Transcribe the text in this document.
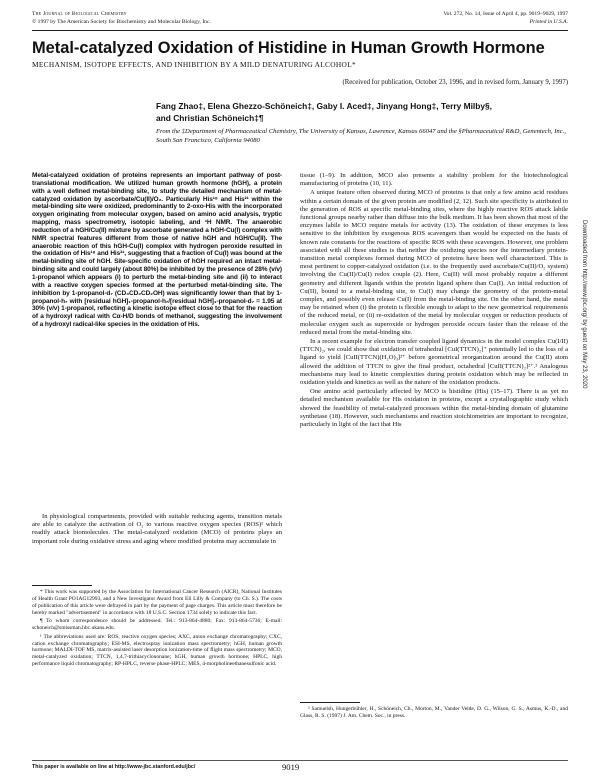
The Journal of Biological Chemistry
© 1997 by The American Society for Biochemistry and Molecular Biology, Inc.
Vol. 272, No. 14, Issue of April 4, pp. 9019–9029, 1997
Printed in U.S.A.
Metal-catalyzed Oxidation of Histidine in Human Growth Hormone
MECHANISM, ISOTOPE EFFECTS, AND INHIBITION BY A MILD DENATURING ALCOHOL*
(Received for publication, October 23, 1996, and in revised form, January 9, 1997)
Fang Zhao‡, Elena Ghezzo-Schöneich‡, Gaby I. Aced‡, Jinyang Hong‡, Terry Milby§,
and Christian Schöneich‡¶
From the ‡Department of Pharmaceutical Chemistry, The University of Kansas, Lawrence, Kansas 66047 and the §Pharmaceutical R&D, Genentech, Inc., South San Francisco, California 94080
Metal-catalyzed oxidation of proteins represents an important pathway of post-translational modification. We utilized human growth hormone (hGH), a protein with a well defined metal-binding site, to study the detailed mechanism of metal-catalyzed oxidation by ascorbate/Cu(II)/O₂. Particularly His¹⁸ and His²¹ within the metal-binding site were oxidized, predominantly to 2-oxo-His with the incorporated oxygen originating from molecular oxygen, based on amino acid analysis, tryptic mapping, mass spectrometry, isotopic labeling, and ¹H NMR. The anaerobic reduction of a hGH/Cu(II) mixture by ascorbate generated a hGH-Cu(I) complex with NMR spectral features different from those of native hGH and hGH/Cu(II). The anaerobic reaction of this hGH-Cu(I) complex with hydrogen peroxide resulted in the oxidation of His¹⁸ and His²¹, suggesting that a fraction of Cu(I) was bound at the metal-binding site of hGH. Site-specific oxidation of hGH required an intact metal-binding site and could largely (about 80%) be inhibited by the presence of 28% (v/v) 1-propanol which appears (i) to perturb the metal-binding site and (ii) to interact with a reactive oxygen species formed at the perturbed metal-binding site. The inhibition by 1-propanol-d₇ (CD₃CD₂CD₂OH) was significantly lower than that by 1-propanol-h₇ with [residual hGH]₁-propanol-h₇/[residual hGH]₁-propanol-d₇ = 1.95 at 30% (v/v) 1-propanol, reflecting a kinetic isotope effect close to that for the reaction of a hydroxyl radical with Cα-H/D bonds of methanol, suggesting the involvement of a hydroxyl radical-like species in the oxidation of His.

In physiological compartments, provided with suitable reducing agents, transition metals are able to catalyze the activation of O₂ to various reactive oxygen species (ROS)¹ which readily attack biomolecules. The metal-catalyzed oxidation (MCO) of proteins plays an important role during oxidative stress and aging where modified proteins may accumulate in

* This work was supported by the Association for International Cancer Research (AICR), National Institutes of Health Grant PO1AG12993, and a New Investigator Award from Eli Lilly & Company (to Ch. S.). The costs of publication of this article were defrayed in part by the payment of page charges. This article must therefore be hereby marked "advertisement" in accordance with 18 U.S.C. Section 1734 solely to indicate this fact.

¶ To whom correspondence should be addressed. Tel.: 913-864-4880; Fax: 913-864-5736; E-mail: schoneich@smissman.hbc.ukans.edu.

¹ The abbreviations used are: ROS, reactive oxygen species; AXC, anion exchange chromatography; CXC, cation exchange chromatography; ESI-MS, electrospray ionization mass spectrometry; hGH, human growth hormone; MALDI-TOF MS, matrix-assisted laser desorption ionization-time of flight mass spectrometry; MCO, metal-catalyzed oxidation; TTCN, 1,4,7-trithiacyclononane; hGH, human growth hormone; HPLC, high performance liquid chromatography; RP-HPLC, reverse phase-HPLC; MES, 4-morpholineethanesulfonic acid.

tissue (1–9). In addition, MCO also presents a stability problem for the biotechnological manufacturing of proteins (10, 11).

A unique feature often observed during MCO of proteins is that only a few amino acid residues within a certain domain of the given protein are modified (2, 12). Such site specificity is attributed to the generation of ROS at specific metal-binding sites, where the highly reactive ROS attack labile functional groups nearby rather than diffuse into the bulk medium. It has been shown that most of the enzymes labile to MCO require metals for activity (13). The oxidation of these enzymes is less sensitive to the inhibition by exogenous ROS scavengers than would be expected on the basis of known rate constants for the reactions of specific ROS with these scavengers. However, one problem associated with all these studies is that neither the oxidizing species nor the intermediary protein-transition metal complexes formed during MCO of proteins have been well characterized. This is most pertinent to copper-catalyzed oxidation (i.e. to the frequently used ascorbate/Cu(II)/O₂ system) involving the Cu(II)/Cu(I) redox couple (2). Here, Cu(II) will most probably require a different geometry and different ligands within the protein ligand sphere than Cu(I). An initial reduction of Cu(II), bound to a metal-binding site, to Cu(I) may change the geometry of the protein-metal complex, and possibly even release Cu(I) from the metal-binding site. On the other hand, the metal may be retained when (i) the protein is flexible enough to adapt to the new geometrical requirements of the reduced metal, or (ii) re-oxidation of the metal by molecular oxygen or reduction products of molecular oxygen such as superoxide or hydrogen peroxide occurs faster than the release of the reduced metal from the metal-binding site.

In a recent example for electron transfer coupled ligand dynamics in the model complex Cu(I/II)(TTCN)₂, we could show that oxidation of tetrahedral [CuI(TTCN)₂]⁺ potentially led to the loss of a ligand to yield [CuII(TTCN)(H₂O)₃]²⁺ before geometrical reorganization around the Cu(II) atom allowed the addition of TTCN to give the final product, octahedral [CuII(TTCN)₂]²⁺.² Analogous mechanisms may lead to kinetic complexities during protein oxidation which may be reflected in oxidation yields and kinetics as well as the nature of the oxidation products.

One amino acid particularly affected by MCO is histidine (His) (15–17). There is as yet no detailed mechanism available for His oxidation in proteins, except a crystallographic study which showed the feasibility of metal-catalyzed processes within the metal-binding domain of glutamine synthetase (18). However, such mechanisms and reaction stoichiometries are important to recognize, particularly in light of the fact that His

² Samuelsh, Hungerbühler, H., Schöneich, Ch., Morton, M., Vander Velde, D. G., Wilson, G. S., Asmus, K.-D., and Glass, R. S. (1997) J. Am. Chem. Soc., in press.

This paper is available on line at http://www-jbc.stanford.edu/jbc/	9019
Downloaded from http://www.jbc.org/ by guest on May 23, 2020
